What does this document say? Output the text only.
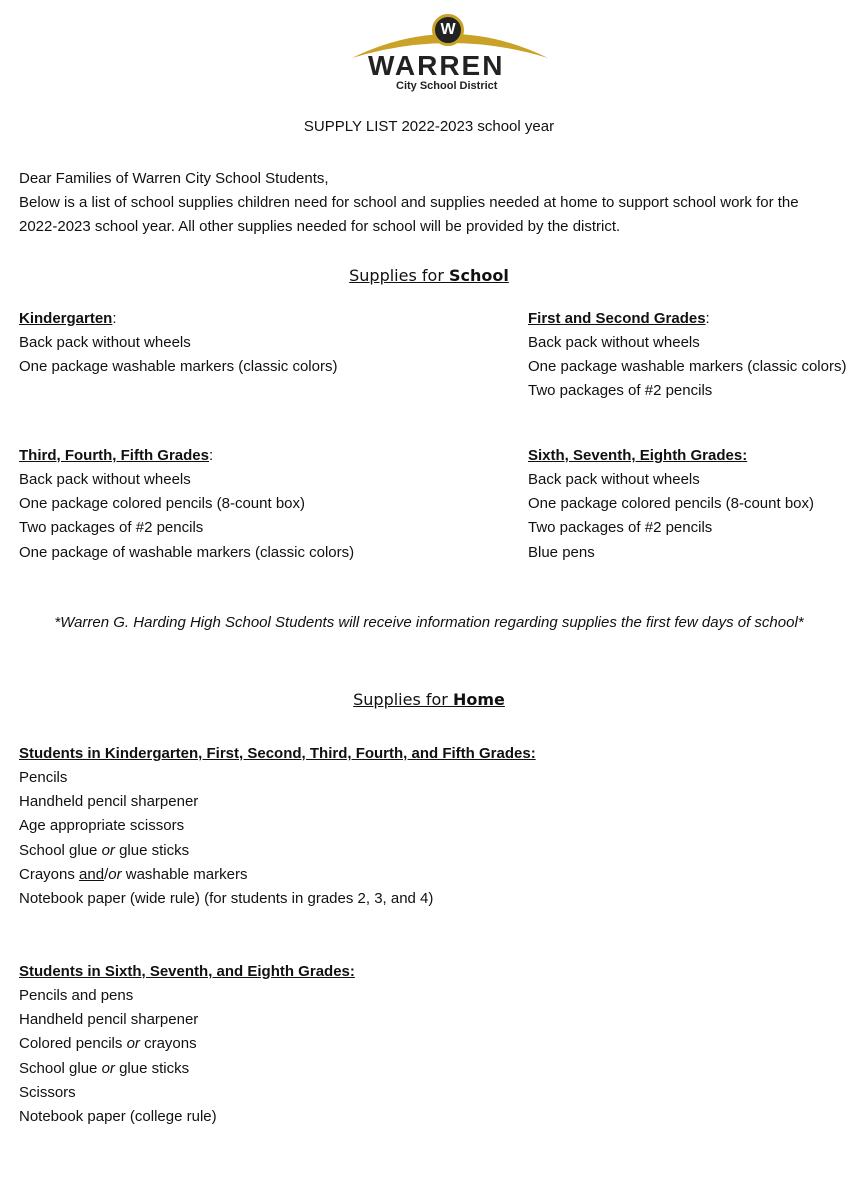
W
WARREN
City School District
SUPPLY LIST 2022-2023 school year
Dear Families of Warren City School Students,
Below is a list of school supplies children need for school and supplies needed at home to support school work for the
2022-2023 school year. All other supplies needed for school will be provided by the district.
Supplies for School
Kindergarten:
Back pack without wheels
One package washable markers (classic colors)
First and Second Grades:
Back pack without wheels
One package washable markers (classic colors)
Two packages of #2 pencils
Third, Fourth, Fifth Grades:
Back pack without wheels
One package colored pencils (8-count box)
Two packages of #2 pencils
One package of washable markers (classic colors)
Sixth, Seventh, Eighth Grades:
Back pack without wheels
One package colored pencils (8-count box)
Two packages of #2 pencils
Blue pens
*Warren G. Harding High School Students will receive information regarding supplies the first few days of school*
Supplies for Home
Students in Kindergarten, First, Second, Third, Fourth, and Fifth Grades:
Pencils
Handheld pencil sharpener
Age appropriate scissors
School glue or glue sticks
Crayons and/or washable markers
Notebook paper (wide rule) (for students in grades 2, 3, and 4)
Students in Sixth, Seventh, and Eighth Grades:
Pencils and pens
Handheld pencil sharpener
Colored pencils or crayons
School glue or glue sticks
Scissors
Notebook paper (college rule)
